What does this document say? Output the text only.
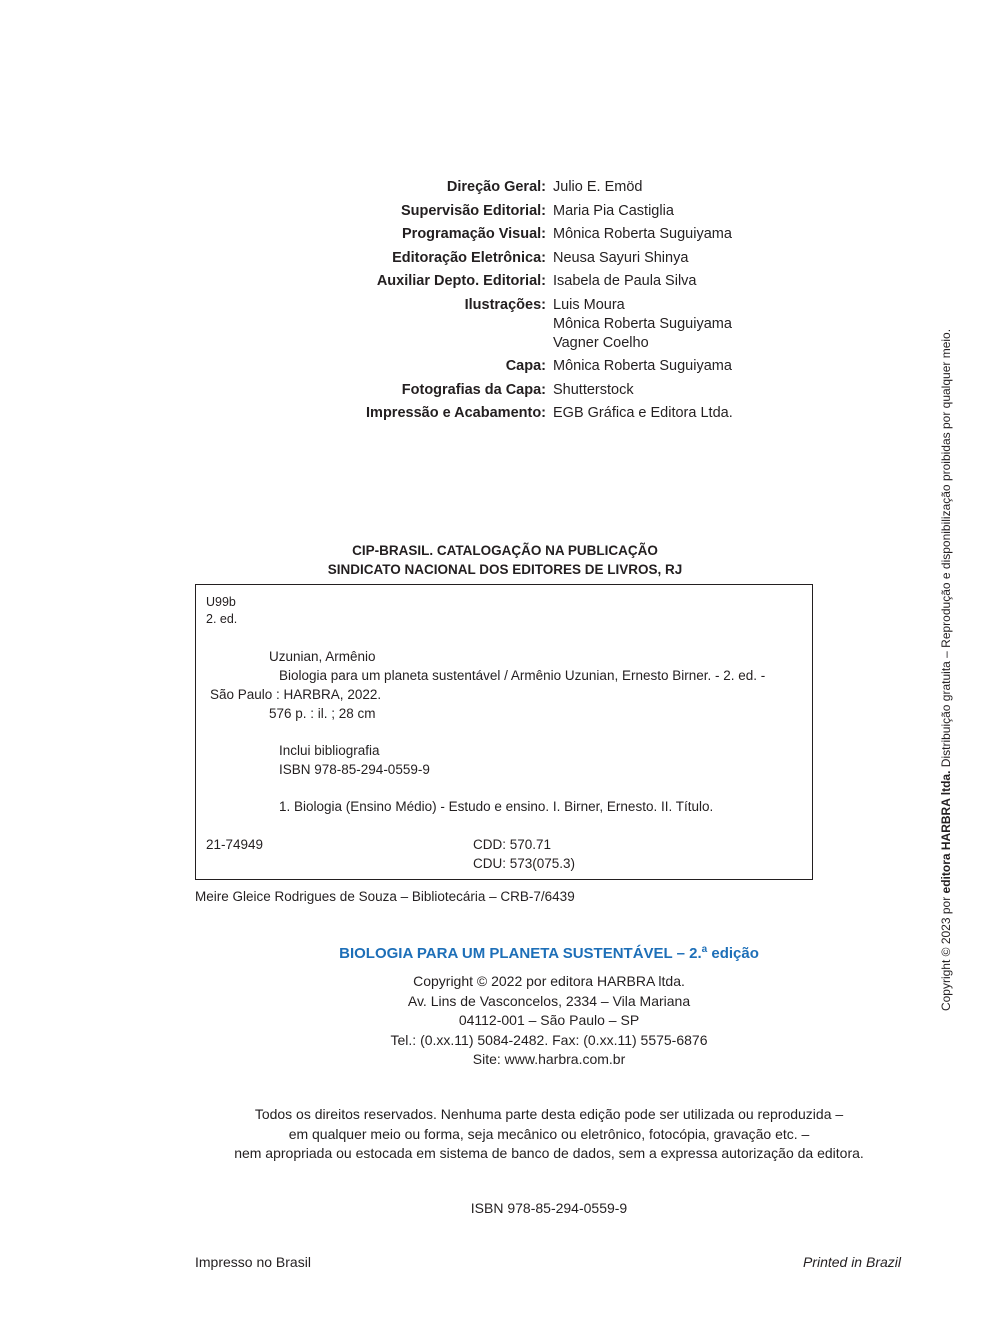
Direção Geral: Julio E. Emöd
Supervisão Editorial: Maria Pia Castiglia
Programação Visual: Mônica Roberta Suguiyama
Editoração Eletrônica: Neusa Sayuri Shinya
Auxiliar Depto. Editorial: Isabela de Paula Silva
Ilustrações: Luis Moura
Mônica Roberta Suguiyama
Vagner Coelho
Capa: Mônica Roberta Suguiyama
Fotografias da Capa: Shutterstock
Impressão e Acabamento: EGB Gráfica e Editora Ltda.
CIP-BRASIL. CATALOGAÇÃO NA PUBLICAÇÃO
SINDICATO NACIONAL DOS EDITORES DE LIVROS, RJ
U99b
2. ed.
Uzunian, Armênio
Biologia para um planeta sustentável / Armênio Uzunian, Ernesto Birner. - 2. ed. -
São Paulo : HARBRA, 2022.
576 p. : il. ; 28 cm
Inclui bibliografia
ISBN 978-85-294-0559-9
1. Biologia (Ensino Médio) - Estudo e ensino. I. Birner, Ernesto. II. Título.
21-74949	CDD: 570.71
CDU: 573(075.3)
Meire Gleice Rodrigues de Souza – Bibliotecária – CRB-7/6439
BIOLOGIA PARA UM PLANETA SUSTENTÁVEL – 2.$^a$ edição
Copyright © 2022 por editora HARBRA ltda.
Av. Lins de Vasconcelos, 2334 – Vila Mariana
04112-001 – São Paulo – SP
Tel.: (0.xx.11) 5084-2482. Fax: (0.xx.11) 5575-6876
Site: www.harbra.com.br
Todos os direitos reservados. Nenhuma parte desta edição pode ser utilizada ou reproduzida –
em qualquer meio ou forma, seja mecânico ou eletrônico, fotocópia, gravação etc. –
nem apropriada ou estocada em sistema de banco de dados, sem a expressa autorização da editora.
ISBN 978-85-294-0559-9
Impresso no Brasil	Printed in Brazil
Copyright © 2023 por editora HARBRA ltda. Distribuição gratuita – Reprodução e disponibilização proibidas por qualquer meio.
